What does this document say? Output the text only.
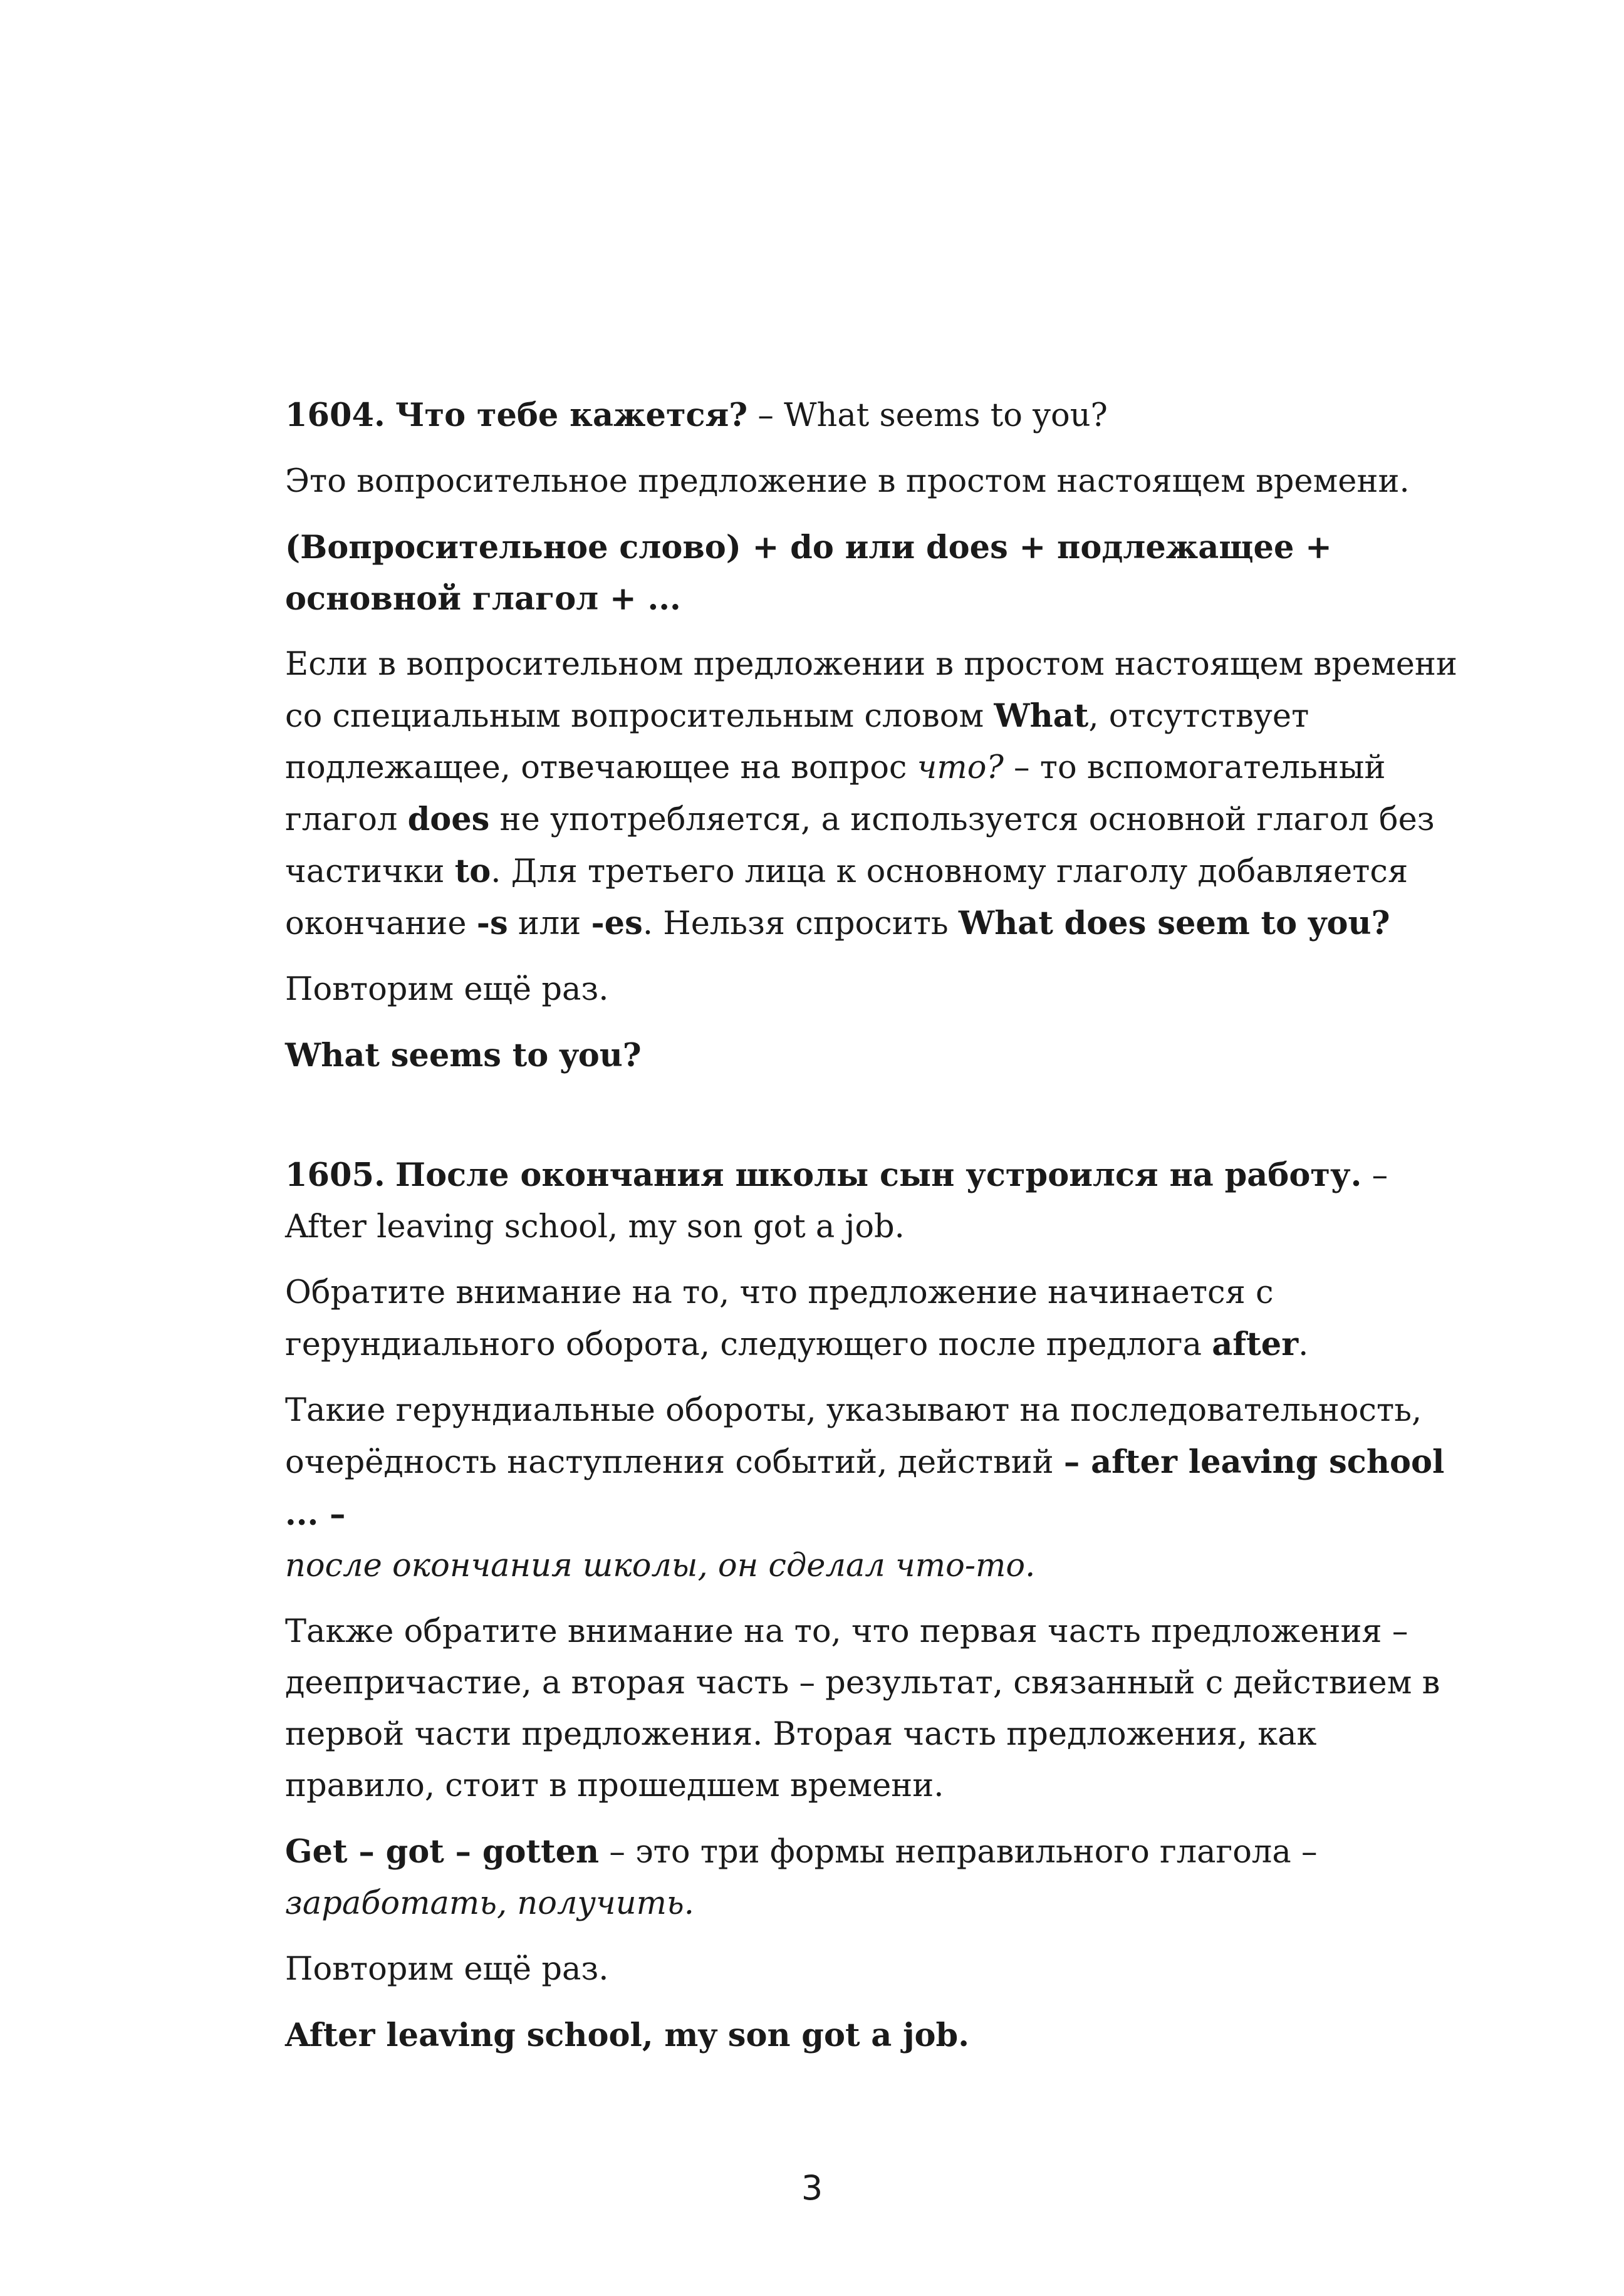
1604. Что тебе кажется? – What seems to you?

Это вопросительное предложение в простом настоящем времени.

(Вопросительное слово) + do или does + подлежащее +
основной глагол + ...

Если в вопросительном предложении в простом настоящем времени со специальным вопросительным словом What, отсутствует подлежащее, отвечающее на вопрос что? – то вспомогательный глагол does не употребляется, а используется основной глагол без частички to. Для третьего лица к основному глаголу добавляется окончание -s или -es. Нельзя спросить What does seem to you?

Повторим ещё раз.

What seems to you?

1605. После окончания школы сын устроился на работу. – After leaving school, my son got a job.

Обратите внимание на то, что предложение начинается с герундиального оборота, следующего после предлога after.

Такие герундиальные обороты, указывают на последовательность, очерёдность наступления событий, действий – after leaving school ... –
после окончания школы, он сделал что-то.

Также обратите внимание на то, что первая часть предложения – деепричастие, а вторая часть – результат, связанный с действием в первой части предложения. Вторая часть предложения, как правило, стоит в прошедшем времени.

Get – got – gotten – это три формы неправильного глагола –
заработать, получить.

Повторим ещё раз.

After leaving school, my son got a job.

3
